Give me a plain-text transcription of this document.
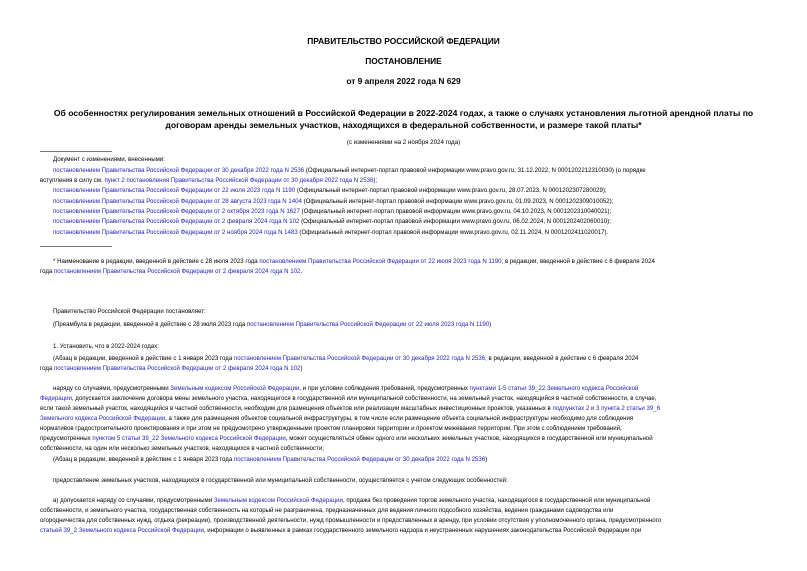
ПРАВИТЕЛЬСТВО РОССИЙСКОЙ ФЕДЕРАЦИИ
ПОСТАНОВЛЕНИЕ
от 9 апреля 2022 года N 629
Об особенностях регулирования земельных отношений в Российской Федерации в 2022-2024 годах, а также о случаях установления льготной арендной платы по
договорам аренды земельных участков, находящихся в федеральной собственности, и размере такой платы*
(с изменениями на 2 ноября 2024 года)
Документ с изменениями, внесенными:
постановлением Правительства Российской Федерации от 30 декабря 2022 года N 2536 (Официальный интернет-портал правовой информации www.pravo.gov.ru, 31.12.2022, N 0001202212310030) (о порядке
вступления в силу см. пункт 2 постановления Правительства Российской Федерации от 30 декабря 2022 года N 2536);
постановлением Правительства Российской Федерации от 22 июля 2023 года N 1190 (Официальный интернет-портал правовой информации www.pravo.gov.ru, 28.07.2023, N 0001202307280029);
постановлением Правительства Российской Федерации от 28 августа 2023 года N 1404 (Официальный интернет-портал правовой информации www.pravo.gov.ru, 01.09.2023, N 0001202309010052);
постановлением Правительства Российской Федерации от 2 октября 2023 года N 1627 (Официальный интернет-портал правовой информации www.pravo.gov.ru, 04.10.2023, N 0001202310040021);
постановлением Правительства Российской Федерации от 2 февраля 2024 года N 102 (Официальный интернет-портал правовой информации www.pravo.gov.ru, 06.02.2024, N 0001202402060010);
постановлением Правительства Российской Федерации от 2 ноября 2024 года N 1483 (Официальный интернет-портал правовой информации www.pravo.gov.ru, 02.11.2024, N 0001202411020017).
* Наименование в редакции, введенной в действие с 28 июля 2023 года постановлением Правительства Российской Федерации от 22 июля 2023 года N 1190; в редакции, введенной в действие с 6 февраля 2024
года постановлением Правительства Российской Федерации от 2 февраля 2024 года N 102.
Правительство Российской Федерации постановляет:
(Преамбула в редакции, введенной в действие с 28 июля 2023 года постановлением Правительства Российской Федерации от 22 июля 2023 года N 1190)
1. Установить, что в 2022-2024 годах:
(Абзац в редакции, введенной в действие с 1 января 2023 года постановлением Правительства Российской Федерации от 30 декабря 2022 года N 2536; в редакции, введенной в действие с 6 февраля 2024
года постановлением Правительства Российской Федерации от 2 февраля 2024 года N 102)
наряду со случаями, предусмотренными Земельным кодексом Российской Федерации, и при условии соблюдения требований, предусмотренных пунктами 1-5 статьи 39_22 Земельного кодекса Российской
Федерации, допускается заключение договора мены земельного участка, находящегося в государственной или муниципальной собственности, на земельный участок, находящийся в частной собственности, в случае,
если такой земельный участок, находящийся в частной собственности, необходим для размещения объектов или реализации масштабных инвестиционных проектов, указанных в подпунктах 2 и 3 пункта 2 статьи 39_6
Земельного кодекса Российской Федерации, а также для размещения объектов социальной инфраструктуры, в том числе если размещение объекта социальной инфраструктуры необходимо для соблюдения
нормативов градостроительного проектирования и при этом не предусмотрено утвержденными проектом планировки территории и проектом межевания территории. При этом с соблюдением требований,
предусмотренных пунктом 5 статьи 39_22 Земельного кодекса Российской Федерации, может осуществляться обмен одного или нескольких земельных участков, находящихся в государственной или муниципальной
собственности, на один или несколько земельных участков, находящихся в частной собственности;
(Абзац в редакции, введенной в действие с 1 января 2023 года постановлением Правительства Российской Федерации от 30 декабря 2022 года N 2536)
предоставление земельных участков, находящихся в государственной или муниципальной собственности, осуществляется с учетом следующих особенностей:
а) допускается наряду со случаями, предусмотренными Земельным кодексом Российской Федерации, продажа без проведения торгов земельного участка, находящегося в государственной или муниципальной
собственности, и земельного участка, государственная собственность на который не разграничена, предназначенных для ведения личного подсобного хозяйства, ведения гражданами садоводства или
огородничества для собственных нужд, отдыха (рекреации), производственной деятельности, нужд промышленности и предоставленных в аренду, при условии отсутствия у уполномоченного органа, предусмотренного
статьей 39_2 Земельного кодекса Российской Федерации, информации о выявленных в рамках государственного земельного надзора и неустраненных нарушениях законодательства Российской Федерации при
